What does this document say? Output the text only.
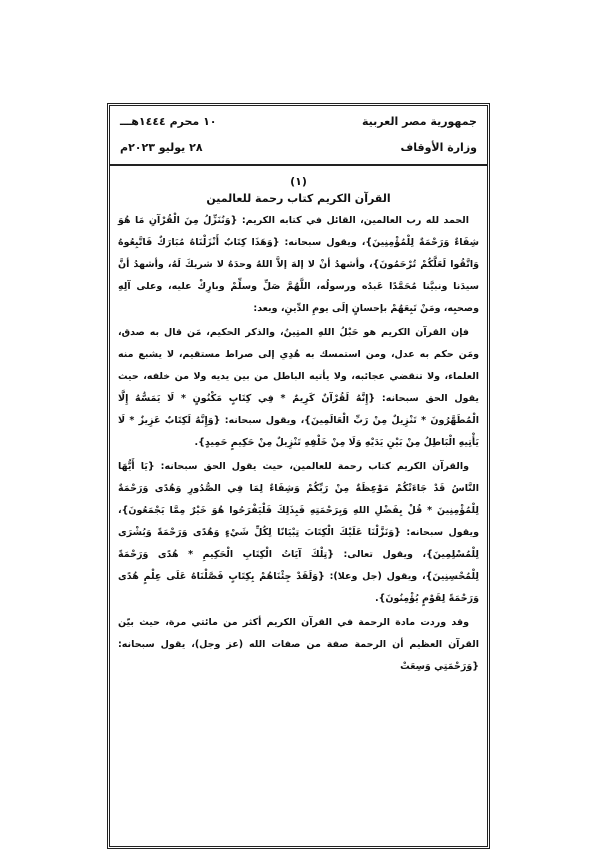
جمهورية مصر العربية
١٠ محرم ١٤٤٤هـــ
وزارة الأوقاف
٢٨ يوليو ٢٠٢٣م
(١)
القرآن الكريم كتاب رحمة للعالمين

الحمد لله رب العالمين، القائل في كتابه الكريم: {وَنُنَزِّلُ مِنَ الْقُرْآنِ مَا هُوَ شِفَاءٌ وَرَحْمَةٌ لِلْمُؤْمِنِينَ}، ويقول سبحانه: {وَهَذَا كِتَابٌ أَنْزَلْنَاهُ مُبَارَكٌ فَاتَّبِعُوهُ وَاتَّقُوا لَعَلَّكُمْ تُرْحَمُونَ}، وأشهدُ أنْ لا إلهَ إلاَّ اللهُ وحدَهُ لا شريكَ لَهُ، وأشهدُ أنَّ سيدَنا ونبيَّنا مُحَمَّدًا عَبدُه ورسولُه، اللَّهُمَّ صَلِّ وسلِّمْ وبارِكْ عليه، وعلى آلِهِ وصحبِه، ومَنْ تَبِعَهُمْ بإحسانٍ إلَى يومِ الدِّينِ، وبعد:

فإن القرآن الكريم هو حَبْلُ اللهِ المتِينُ، والذكر الحكيم، مَن قال به صدق، ومَن حكم به عدل، ومن استمسك به هُدِي إلى صراط مستقيم، لا يشبع منه العلماء، ولا تنقضي عجائبه، ولا يأتيه الباطل من بين يديه ولا من خلفه، حيث يقول الحق سبحانه: {إِنَّهُ لَقُرْآنٌ كَرِيمٌ * فِي كِتَابٍ مَكْنُونٍ * لَا يَمَسُّهُ إِلَّا الْمُطَهَّرُونَ * تَنْزِيلٌ مِنْ رَبِّ الْعَالَمِينَ}، ويقول سبحانه: {وَإِنَّهُ لَكِتَابٌ عَزِيزٌ * لَا يَأْتِيهِ الْبَاطِلُ مِنْ بَيْنِ يَدَيْهِ وَلَا مِنْ خَلْفِهِ تَنْزِيلٌ مِنْ حَكِيمٍ حَمِيدٍ}.

والقرآن الكريم كتاب رحمة للعالمين، حيث يقول الحق سبحانه: {يَا أَيُّهَا النَّاسُ قَدْ جَاءَتْكُمْ مَوْعِظَةٌ مِنْ رَبِّكُمْ وَشِفَاءٌ لِمَا فِي الصُّدُورِ وَهُدًى وَرَحْمَةٌ لِلْمُؤْمِنِينَ * قُلْ بِفَضْلِ اللهِ وَبِرَحْمَتِهِ فَبِذَلِكَ فَلْيَفْرَحُوا هُوَ خَيْرٌ مِمَّا يَجْمَعُونَ}، ويقول سبحانه: {وَنَزَّلْنَا عَلَيْكَ الْكِتَابَ تِبْيَانًا لِكُلِّ شَيْءٍ وَهُدًى وَرَحْمَةً وَبُشْرَى لِلْمُسْلِمِينَ}، ويقول تعالى: {تِلْكَ آيَاتُ الْكِتَابِ الْحَكِيمِ * هُدًى وَرَحْمَةً لِلْمُحْسِنِينَ}، ويقول (جل وعلا): {وَلَقَدْ جِئْنَاهُمْ بِكِتَابٍ فَصَّلْنَاهُ عَلَى عِلْمٍ هُدًى وَرَحْمَةً لِقَوْمٍ يُؤْمِنُونَ}.

وقد وردت مادة الرحمة في القرآن الكريم أكثر من مائتي مرة، حيث بيّن القرآن العظيم أن الرحمة صفة من صفات الله (عز وجل)، يقول سبحانه: {وَرَحْمَتِي وَسِعَتْ
